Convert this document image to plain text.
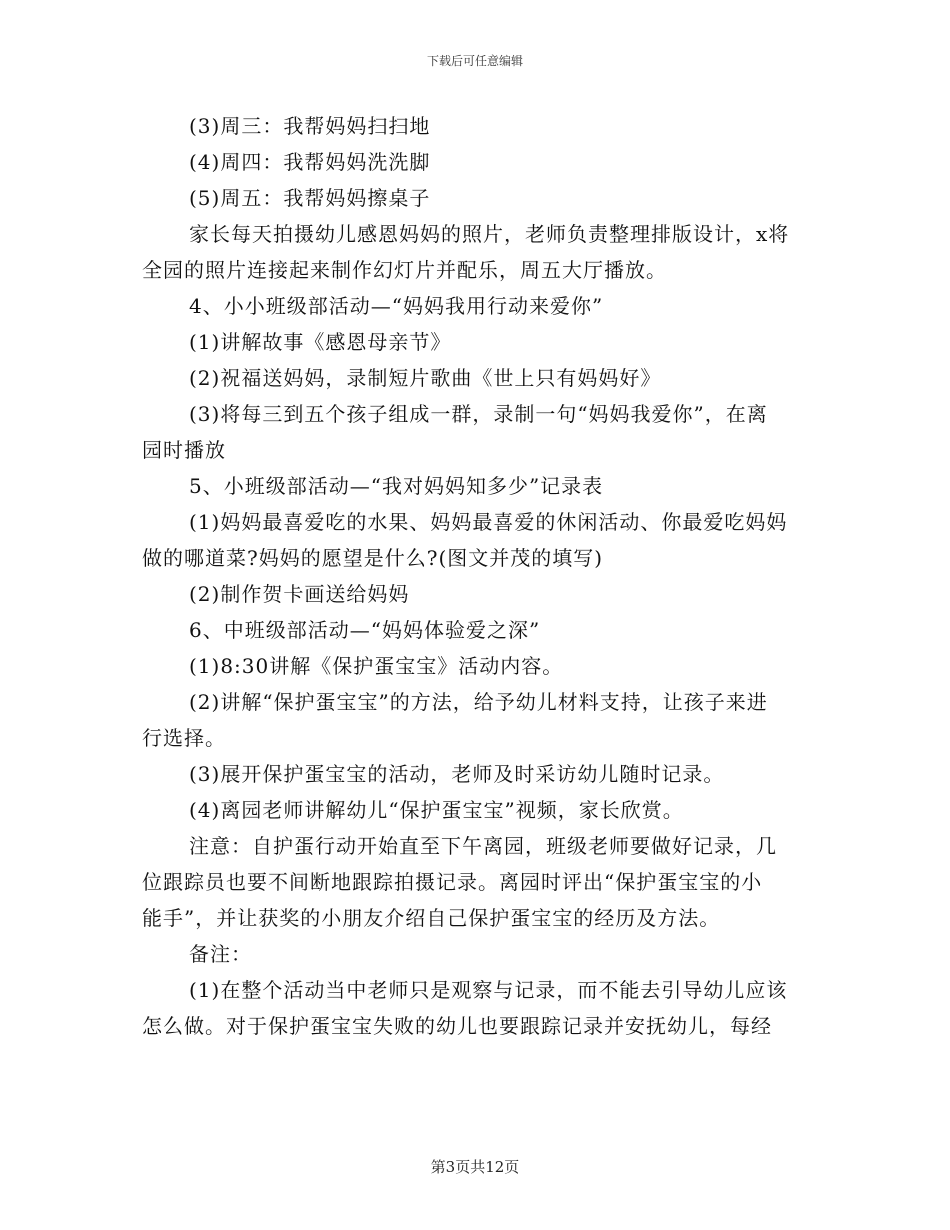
下载后可任意编辑
(3)周三：我帮妈妈扫扫地
(4)周四：我帮妈妈洗洗脚
(5)周五：我帮妈妈擦桌子
家长每天拍摄幼儿感恩妈妈的照片，老师负责整理排版设计，x将
全园的照片连接起来制作幻灯片并配乐，周五大厅播放。
4、小小班级部活动—“妈妈我用行动来爱你”
(1)讲解故事《感恩母亲节》
(2)祝福送妈妈，录制短片歌曲《世上只有妈妈好》
(3)将每三到五个孩子组成一群，录制一句“妈妈我爱你”，在离
园时播放
5、小班级部活动—“我对妈妈知多少”记录表
(1)妈妈最喜爱吃的水果、妈妈最喜爱的休闲活动、你最爱吃妈妈
做的哪道菜?妈妈的愿望是什么?(图文并茂的填写)
(2)制作贺卡画送给妈妈
6、中班级部活动—“妈妈体验爱之深”
(1)8:30讲解《保护蛋宝宝》活动内容。
(2)讲解“保护蛋宝宝”的方法，给予幼儿材料支持，让孩子来进
行选择。
(3)展开保护蛋宝宝的活动，老师及时采访幼儿随时记录。
(4)离园老师讲解幼儿“保护蛋宝宝”视频，家长欣赏。
注意：自护蛋行动开始直至下午离园，班级老师要做好记录，几
位跟踪员也要不间断地跟踪拍摄记录。离园时评出“保护蛋宝宝的小
能手”，并让获奖的小朋友介绍自己保护蛋宝宝的经历及方法。
备注：
(1)在整个活动当中老师只是观察与记录，而不能去引导幼儿应该
怎么做。对于保护蛋宝宝失败的幼儿也要跟踪记录并安抚幼儿，每经
第3页共12页
